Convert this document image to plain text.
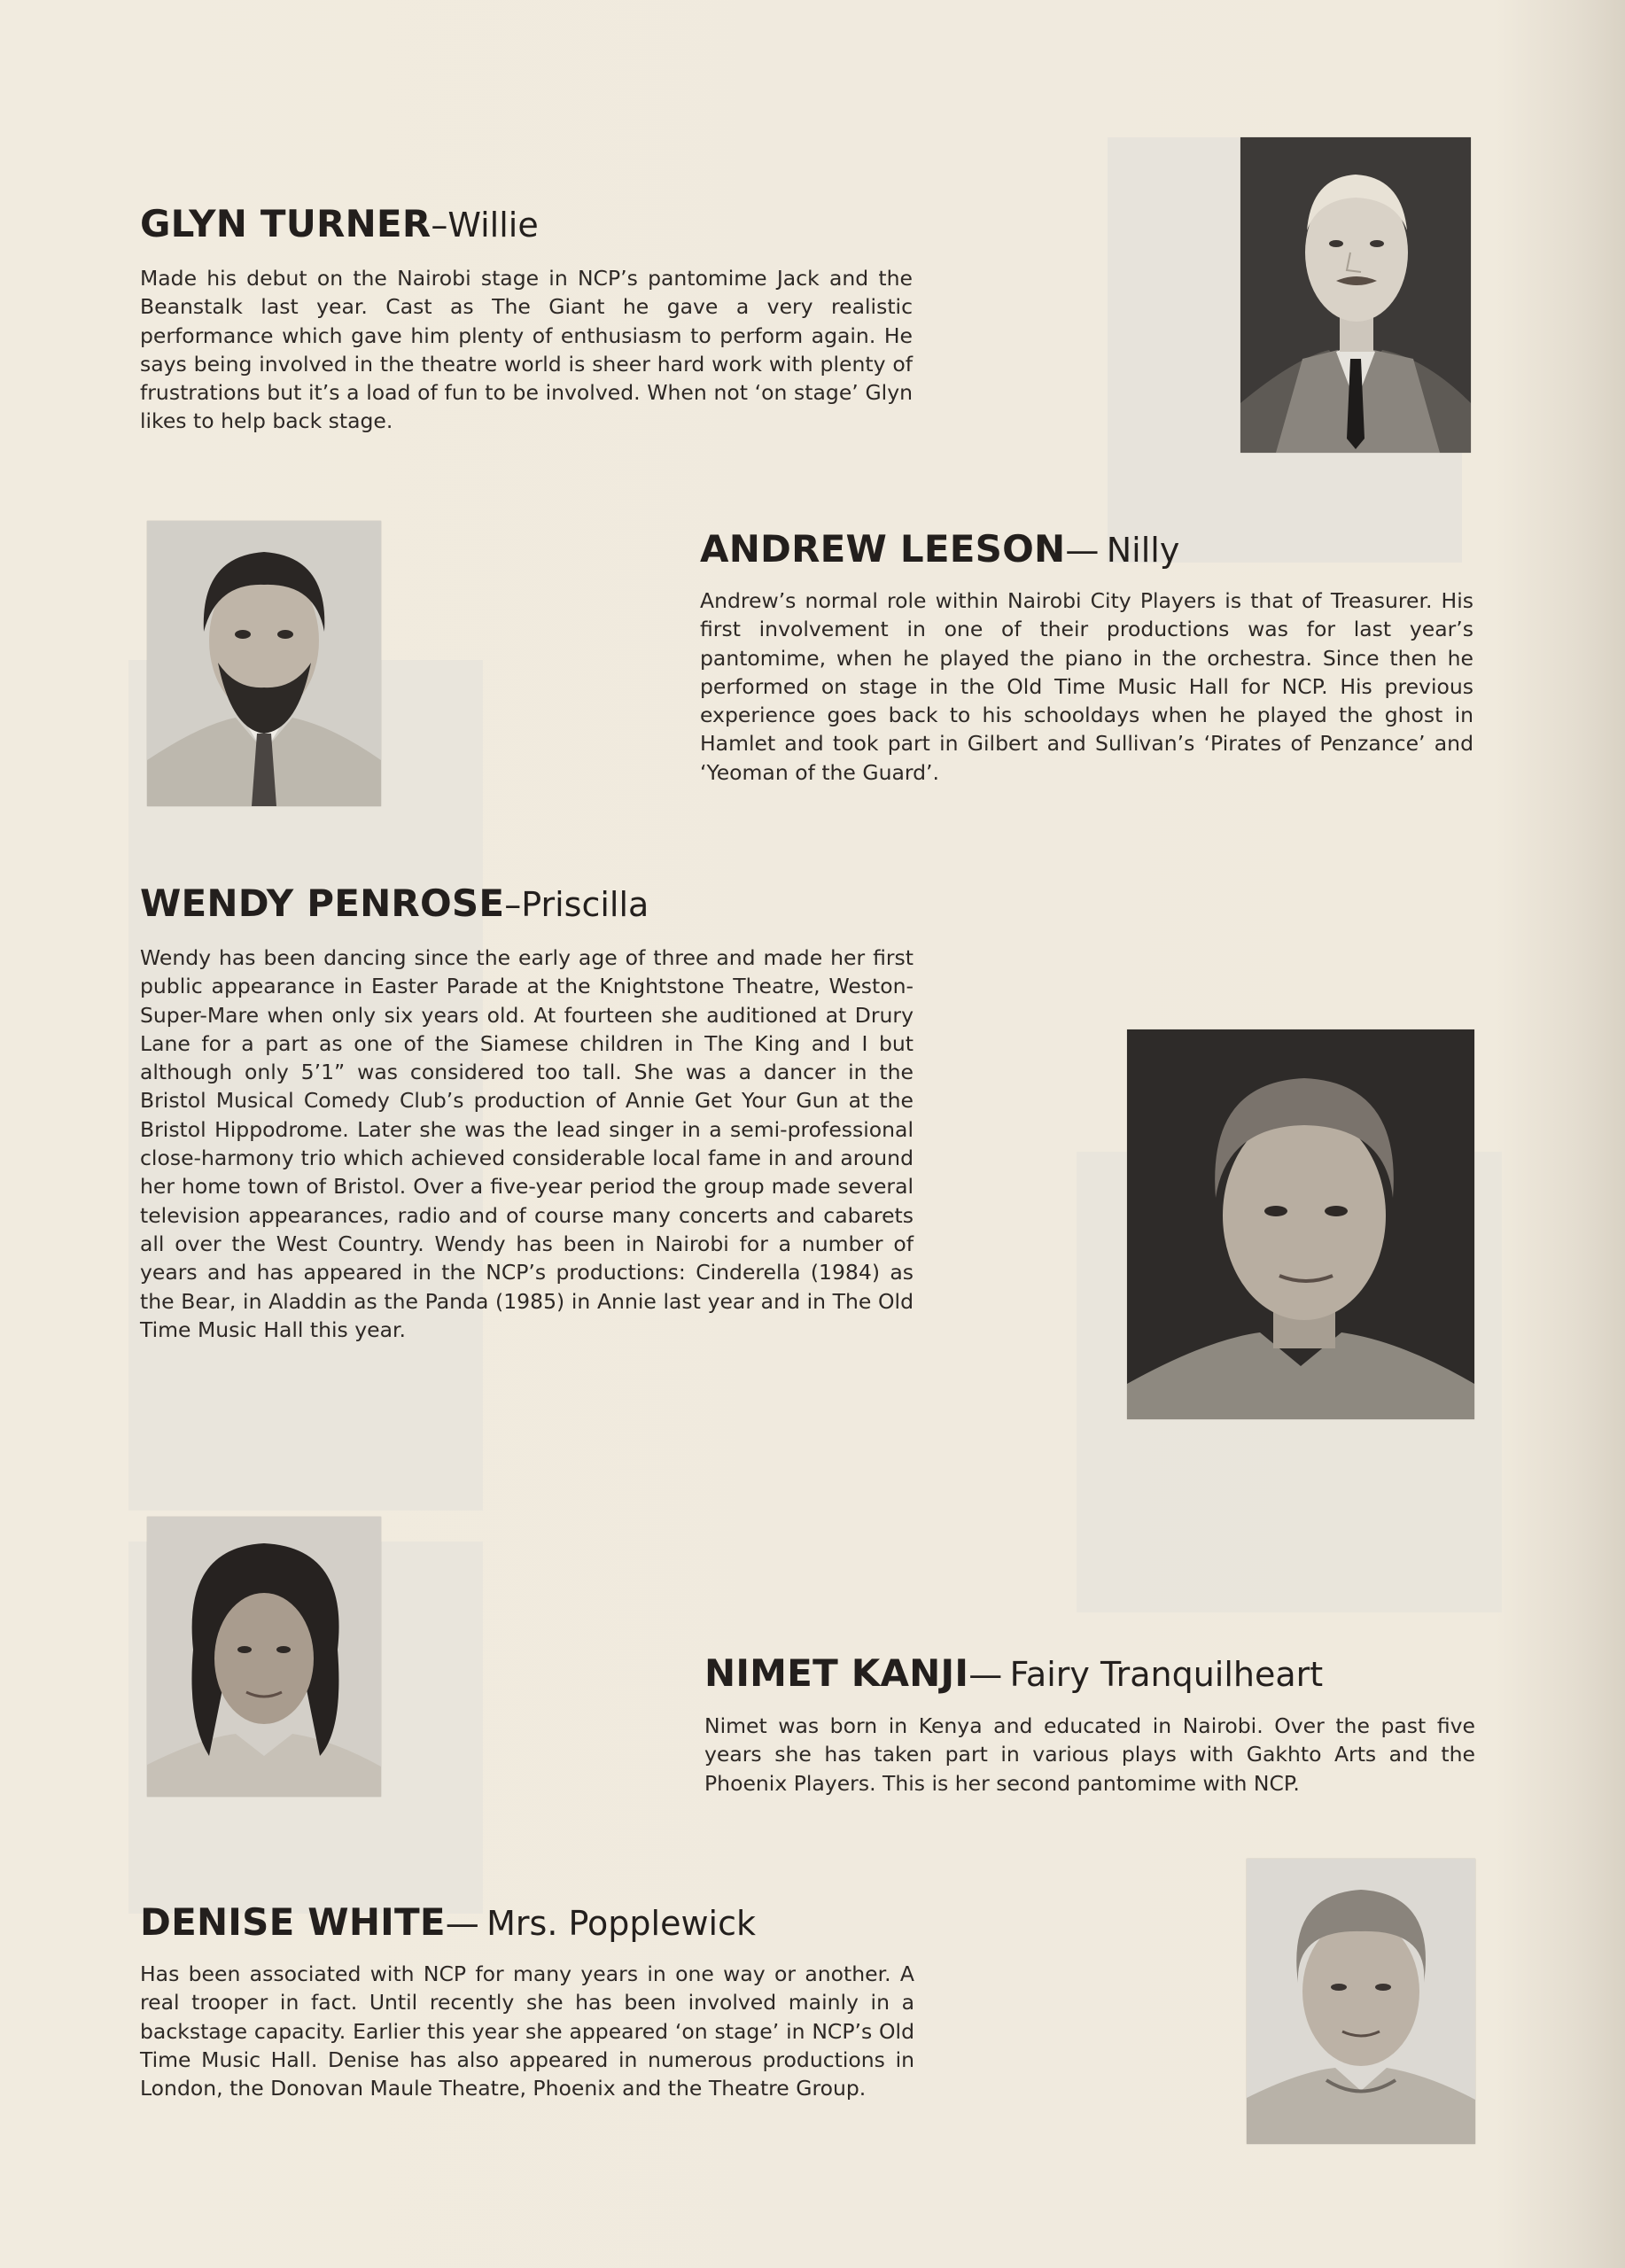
GLYN TURNER–Willie

Made his debut on the Nairobi stage in NCP’s pantomime Jack and the Beanstalk last year. Cast as The Giant he gave a very realistic performance which gave him plenty of enthusiasm to perform again. He says being involved in the theatre world is sheer hard work with plenty of frustrations but it’s a load of fun to be involved. When not ‘on stage’ Glyn likes to help back stage.

ANDREW LEESON— Nilly

Andrew’s normal role within Nairobi City Players is that of Treasurer. His first involvement in one of their productions was for last year’s pantomime, when he played the piano in the orchestra. Since then he performed on stage in the Old Time Music Hall for NCP. His previous experience goes back to his schooldays when he played the ghost in Hamlet and took part in Gilbert and Sullivan’s ‘Pirates of Penzance’ and ‘Yeoman of the Guard’.

WENDY PENROSE–Priscilla

Wendy has been dancing since the early age of three and made her first public appearance in Easter Parade at the Knightstone Theatre, Weston-Super-Mare when only six years old. At fourteen she auditioned at Drury Lane for a part as one of the Siamese children in The King and I but although only 5’1” was considered too tall. She was a dancer in the Bristol Musical Comedy Club’s production of Annie Get Your Gun at the Bristol Hippodrome. Later she was the lead singer in a semi-professional close-harmony trio which achieved considerable local fame in and around her home town of Bristol. Over a five-year period the group made several television appearances, radio and of course many concerts and cabarets all over the West Country. Wendy has been in Nairobi for a number of years and has appeared in the NCP’s productions: Cinderella (1984) as the Bear, in Aladdin as the Panda (1985) in Annie last year and in The Old Time Music Hall this year.

NIMET KANJI— Fairy Tranquilheart

Nimet was born in Kenya and educated in Nairobi. Over the past five years she has taken part in various plays with Gakhto Arts and the Phoenix Players. This is her second pantomime with NCP.

DENISE WHITE— Mrs. Popplewick

Has been associated with NCP for many years in one way or another. A real trooper in fact. Until recently she has been involved mainly in a backstage capacity. Earlier this year she appeared ‘on stage’ in NCP’s Old Time Music Hall. Denise has also appeared in numerous productions in London, the Donovan Maule Theatre, Phoenix and the Theatre Group.
